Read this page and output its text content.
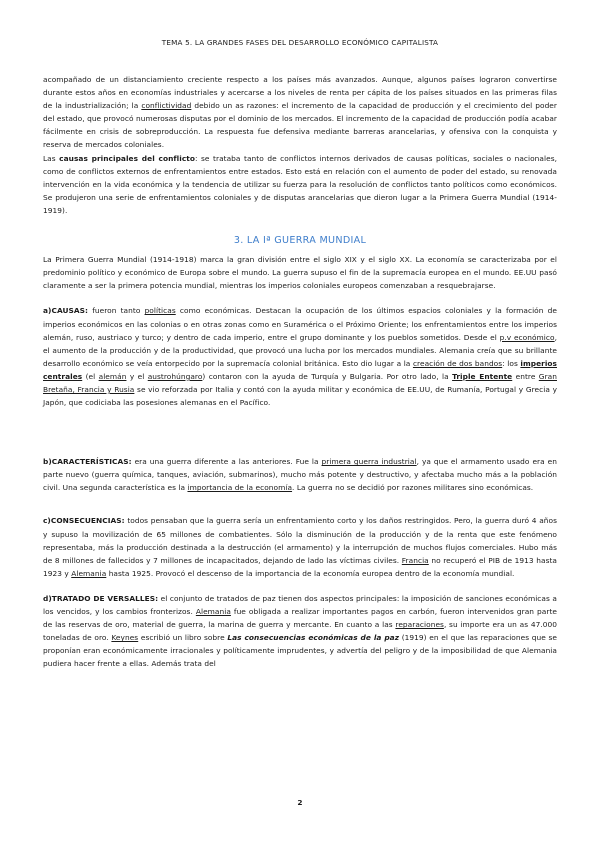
TEMA 5. LA GRANDES FASES DEL DESARROLLO ECONÓMICO CAPITALISTA

acompañado de un distanciamiento creciente respecto a los países más avanzados. Aunque, algunos países lograron convertirse durante estos años en economías industriales y acercarse a los niveles de renta per cápita de los países situados en las primeras filas de la industrialización; la conflictividad debido un as razones: el incremento de la capacidad de producción y el crecimiento del poder del estado, que provocó numerosas disputas por el dominio de los mercados. El incremento de la capacidad de producción podía acabar fácilmente en crisis de sobreproducción. La respuesta fue defensiva mediante barreras arancelarias, y ofensiva con la conquista y reserva de mercados coloniales.

Las causas principales del conflicto: se trataba tanto de conflictos internos derivados de causas políticas, sociales o nacionales, como de conflictos externos de enfrentamientos entre estados. Esto está en relación con el aumento de poder del estado, su renovada intervención en la vida económica y la tendencia de utilizar su fuerza para la resolución de conflictos tanto políticos como económicos. Se produjeron una serie de enfrentamientos coloniales y de disputas arancelarias que dieron lugar a la Primera Guerra Mundial (1914-1919).

3. LA Iª GUERRA MUNDIAL

La Primera Guerra Mundial (1914-1918) marca la gran división entre el siglo XIX y el siglo XX. La economía se caracterizaba por el predominio político y económico de Europa sobre el mundo. La guerra supuso el fin de la supremacía europea en el mundo. EE.UU pasó claramente a ser la primera potencia mundial, mientras los imperios coloniales europeos comenzaban a resquebrajarse.

a)CAUSAS: fueron tanto políticas como económicas. Destacan la ocupación de los últimos espacios coloniales y la formación de imperios económicos en las colonias o en otras zonas como en Suramérica o el Próximo Oriente; los enfrentamientos entre los imperios alemán, ruso, austriaco y turco; y dentro de cada imperio, entre el grupo dominante y los pueblos sometidos. Desde el p.v económico, el aumento de la producción y de la productividad, que provocó una lucha por los mercados mundiales. Alemania creía que su brillante desarrollo económico se veía entorpecido por la supremacía colonial británica. Esto dio lugar a la creación de dos bandos: los imperios centrales (el alemán y el austrohúngaro) contaron con la ayuda de Turquía y Bulgaria. Por otro lado, la Triple Entente entre Gran Bretaña, Francia y Rusia se vio reforzada por Italia y contó con la ayuda militar y económica de EE.UU, de Rumanía, Portugal y Grecia y Japón, que codiciaba las posesiones alemanas en el Pacífico.

b)CARACTERÍSTICAS: era una guerra diferente a las anteriores. Fue la primera guerra industrial, ya que el armamento usado era en parte nuevo (guerra química, tanques, aviación, submarinos), mucho más potente y destructivo, y afectaba mucho más a la población civil. Una segunda característica es la importancia de la economía. La guerra no se decidió por razones militares sino económicas.

c)CONSECUENCIAS: todos pensaban que la guerra sería un enfrentamiento corto y los daños restringidos. Pero, la guerra duró 4 años y supuso la movilización de 65 millones de combatientes. Sólo la disminución de la producción y de la renta que este fenómeno representaba, más la producción destinada a la destrucción (el armamento) y la interrupción de muchos flujos comerciales. Hubo más de 8 millones de fallecidos y 7 millones de incapacitados, dejando de lado las víctimas civiles. Francia no recuperó el PIB de 1913 hasta 1923 y Alemania hasta 1925. Provocó el descenso de la importancia de la economía europea dentro de la economía mundial.

d)TRATADO DE VERSALLES: el conjunto de tratados de paz tienen dos aspectos principales: la imposición de sanciones económicas a los vencidos, y los cambios fronterizos. Alemania fue obligada a realizar importantes pagos en carbón, fueron intervenidos gran parte de las reservas de oro, material de guerra, la marina de guerra y mercante. En cuanto a las reparaciones, su importe era un as 47.000 toneladas de oro. Keynes escribió un libro sobre Las consecuencias económicas de la paz (1919) en el que las reparaciones que se proponían eran económicamente irracionales y políticamente imprudentes, y advertía del peligro y de la imposibilidad de que Alemania pudiera hacer frente a ellas. Además trata del

2
